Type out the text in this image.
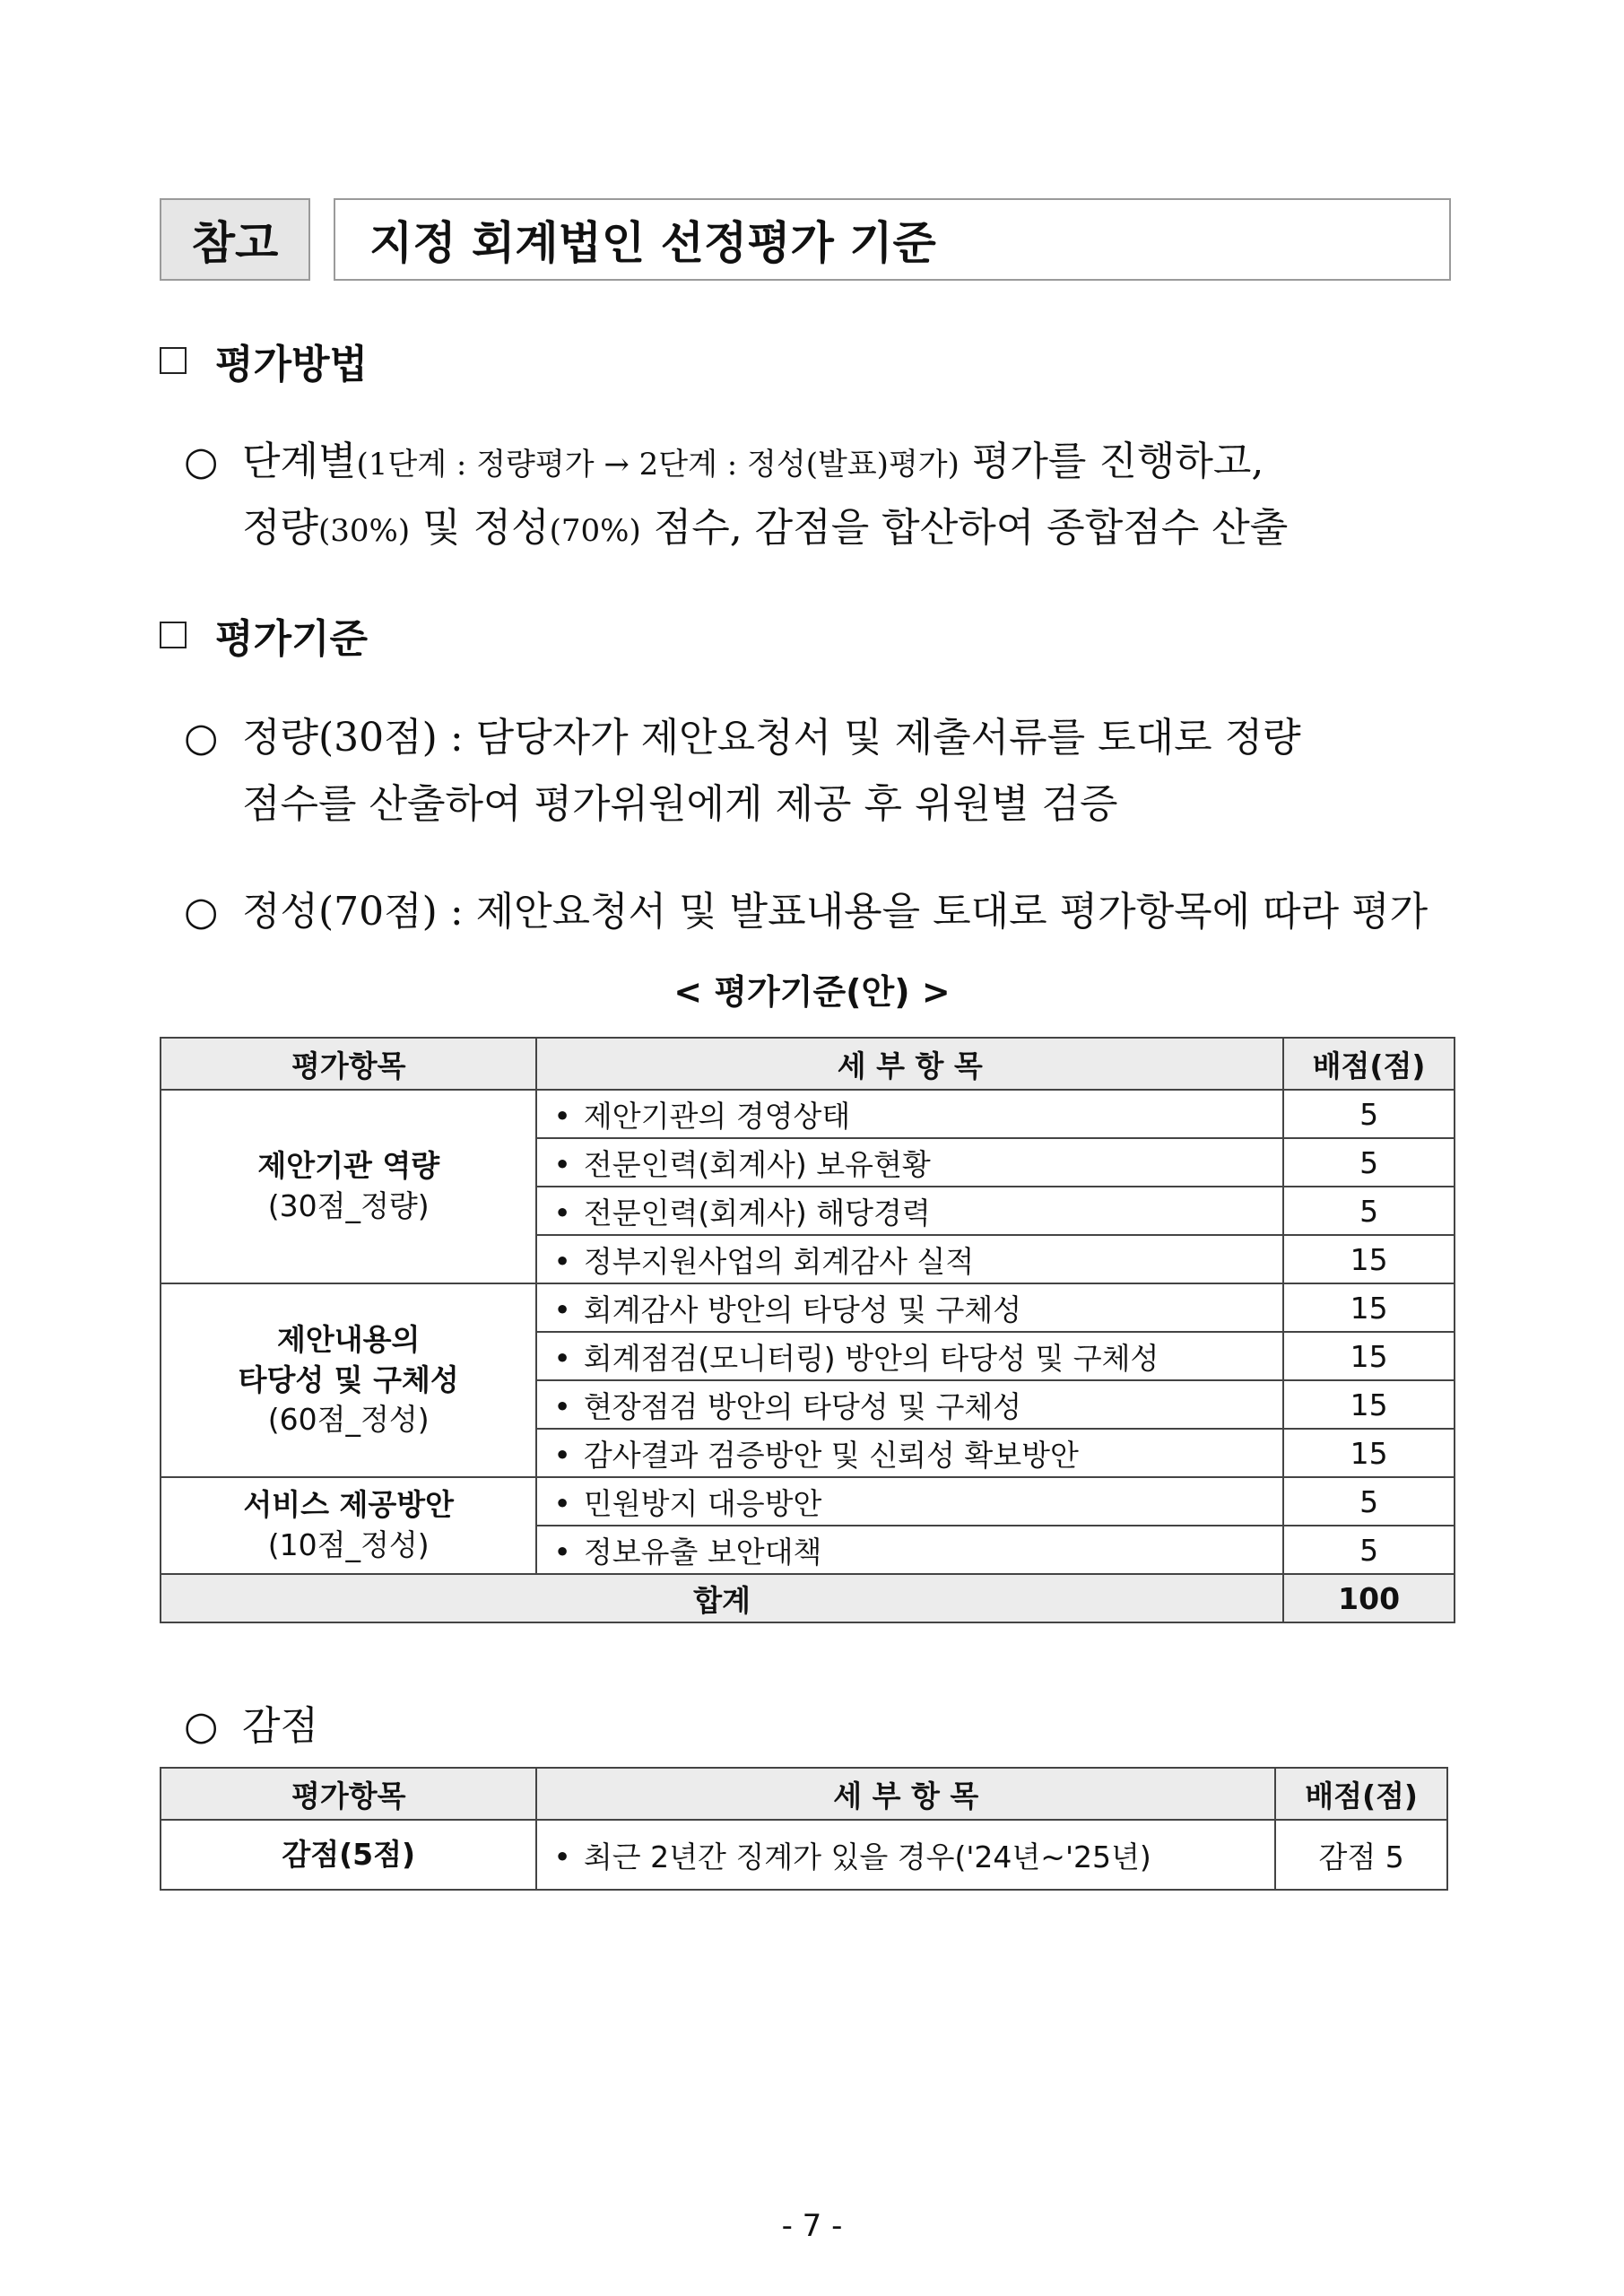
참고	지정 회계법인 선정평가 기준
평가방법
○ 단계별(1단계 : 정량평가 → 2단계 : 정성(발표)평가) 평가를 진행하고,
정량(30%) 및 정성(70%) 점수, 감점을 합산하여 종합점수 산출
평가기준
○ 정량(30점) : 담당자가 제안요청서 및 제출서류를 토대로 정량
점수를 산출하여 평가위원에게 제공 후 위원별 검증
○ 정성(70점) : 제안요청서 및 발표내용을 토대로 평가항목에 따라 평가
< 평가기준(안) >
평가항목	세 부 항 목	배점(점)
제안기관 역량
(30점_정량)	• 제안기관의 경영상태	5
	• 전문인력(회계사) 보유현황	5
	• 전문인력(회계사) 해당경력	5
	• 정부지원사업의 회계감사 실적	15
제안내용의
타당성 및 구체성
(60점_정성)	• 회계감사 방안의 타당성 및 구체성	15
	• 회계점검(모니터링) 방안의 타당성 및 구체성	15
	• 현장점검 방안의 타당성 및 구체성	15
	• 감사결과 검증방안 및 신뢰성 확보방안	15
서비스 제공방안
(10점_정성)	• 민원방지 대응방안	5
	• 정보유출 보안대책	5
합계		100
○ 감점
평가항목	세 부 항 목	배점(점)
감점(5점)	• 최근 2년간 징계가 있을 경우('24년~'25년)	감점 5
- 7 -
